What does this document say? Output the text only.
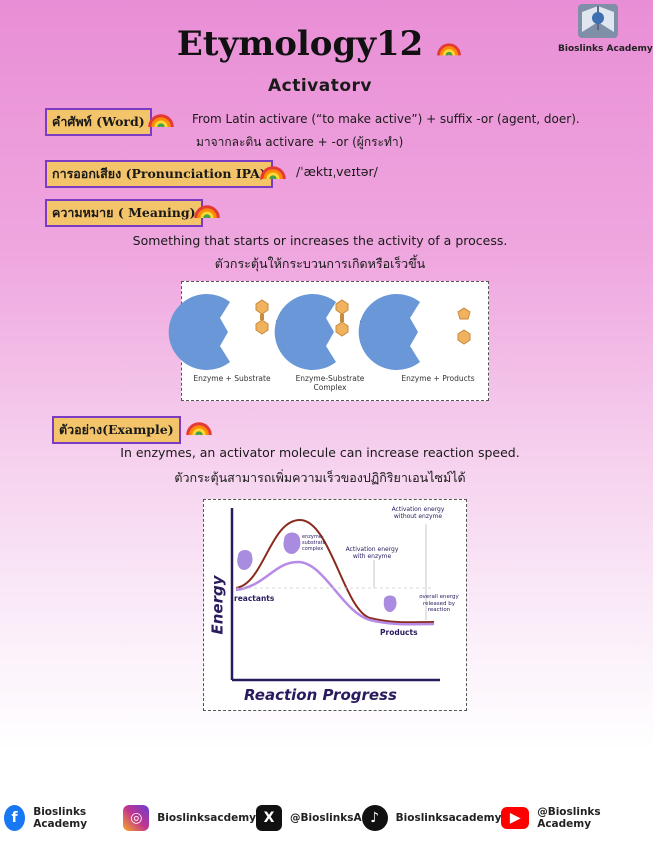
Bioslinks Academy
Etymology12
Activatorv
คำศัพท์ (Word)	From Latin activare (“to make active”) + suffix -or (agent, doer).
มาจากละติน activare + -or (ผู้กระทำ)
การออกเสียง (Pronunciation IPA)	/ˈæktɪˌveɪtər/
ความหมาย ( Meaning)
Something that starts or increases the activity of a process.
ตัวกระตุ้นให้กระบวนการเกิดหรือเร็วขึ้น
Enzyme + Substrate	Enzyme-Substrate Complex
Enzyme + Products
ตัวอย่าง(Example)
In enzymes, an activator molecule can increase reaction speed.
ตัวกระตุ้นสามารถเพิ่มความเร็วของปฏิกิริยาเอนไซม์ได้
Energy
Reaction Progress
reactants
Products
Activation energy without enzyme
Activation energy with enzyme
overall energy released by reaction
enzyme-substrate complex
f	Bioslinks Academy	◎	Bioslinksacdemy X	@BioslinksA ♪	Bioslinksacademy ▶	@Bioslinks Academy
